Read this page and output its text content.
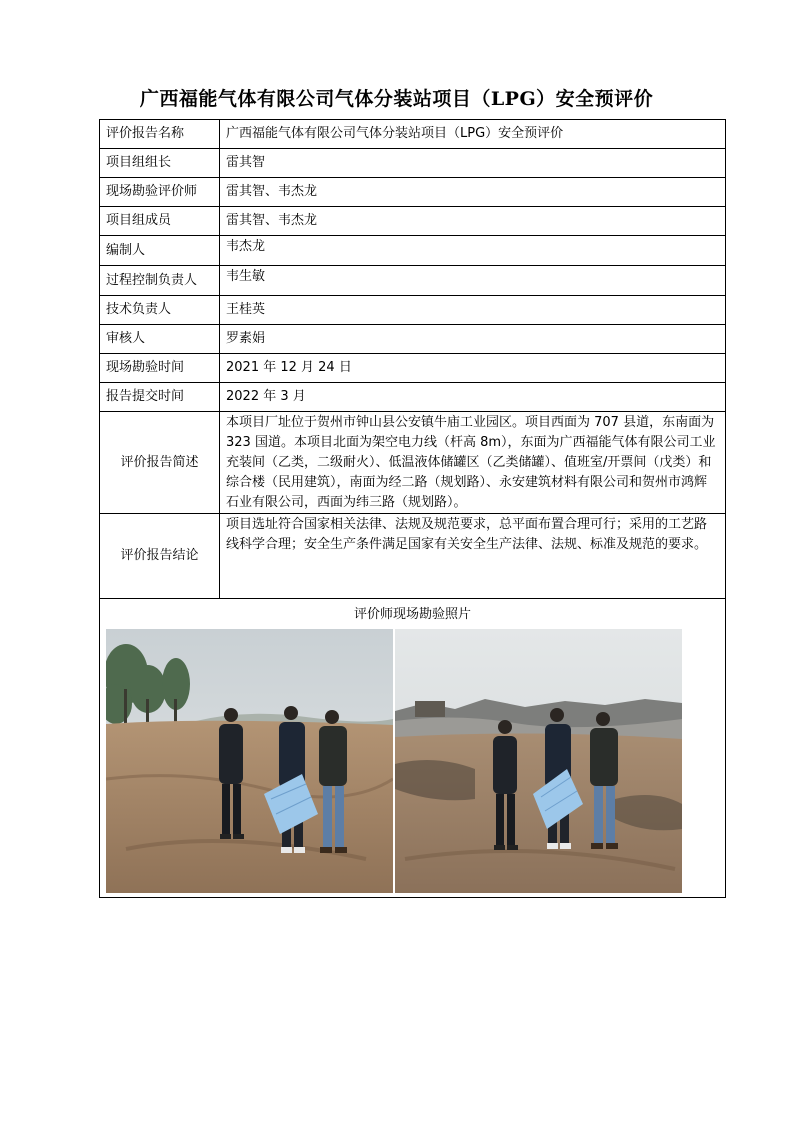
广西福能气体有限公司气体分装站项目（LPG）安全预评价
评价报告名称	广西福能气体有限公司气体分装站项目（LPG）安全预评价
项目组组长	雷其智
现场勘验评价师	雷其智、韦杰龙
项目组成员	雷其智、韦杰龙
编制人	韦杰龙
过程控制负责人	韦生敏
技术负责人	王桂英
审核人	罗素娟
现场勘验时间	2021 年 12 月 24 日
报告提交时间	2022 年 3 月
评价报告简述	本项目厂址位于贺州市钟山县公安镇牛庙工业园区。项目西面为 707 县道，东南面为 323 国道。本项目北面为架空电力线（杆高 8m），东面为广西福能气体有限公司工业充装间（乙类，二级耐火）、低温液体储罐区（乙类储罐）、值班室/开票间（戊类）和综合楼（民用建筑），南面为经二路（规划路）、永安建筑材料有限公司和贺州市鸿辉石业有限公司，西面为纬三路（规划路）。
评价报告结论	项目选址符合国家相关法律、法规及规范要求，总平面布置合理可行；采用的工艺路线科学合理；安全生产条件满足国家有关安全生产法律、法规、标准及规范的要求。

评价师现场勘验照片	
